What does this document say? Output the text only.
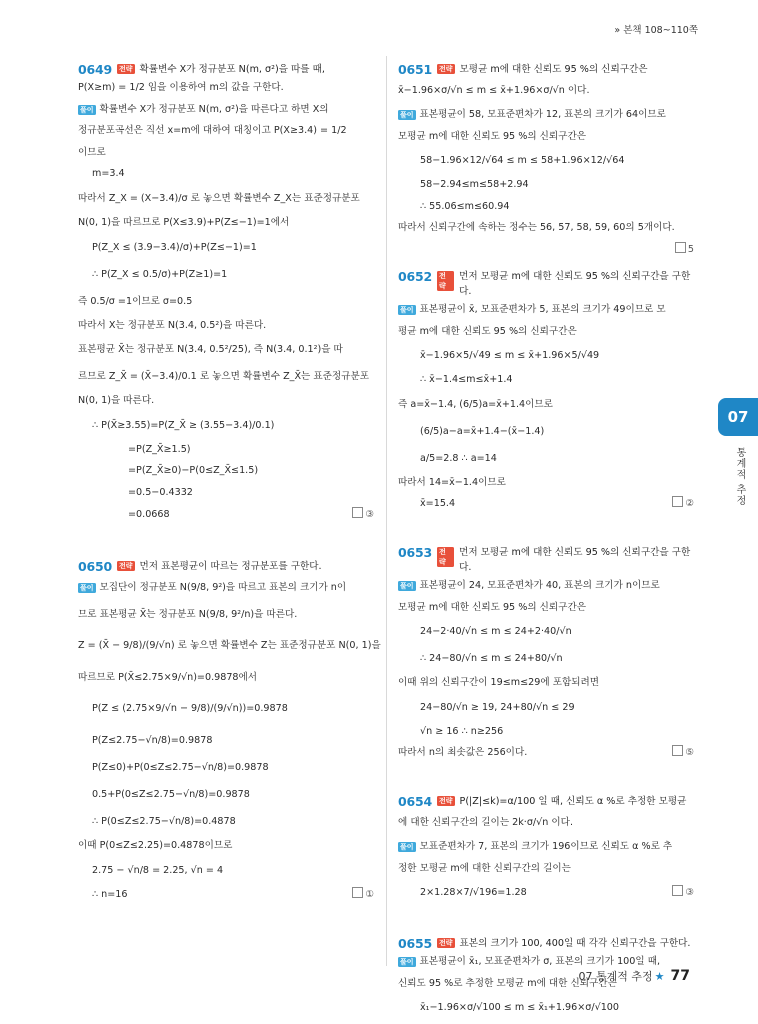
» 본책 108~110쪽
0649 전략 확률변수 X가 정규분포 N(m, σ²)을 따를 때,
P(X≥m) = 1/2 임을 이용하여 m의 값을 구한다.
풀이 확률변수 X가 정규분포 N(m, σ²)을 따른다고 하면 X의
정규분포곡선은 직선 x=m에 대하여 대칭이고 P(X≥3.4) = 1/2
이므로
m=3.4
따라서 Z_X = (X−3.4)/σ 로 놓으면 확률변수 Z_X는 표준정규분포
N(0, 1)을 따르므로 P(X≤3.9)+P(Z≤−1)=1에서
P(Z_X ≤ (3.9−3.4)/σ)+P(Z≤−1)=1
∴ P(Z_X ≤ 0.5/σ)+P(Z≥1)=1
즉 0.5/σ =1이므로 σ=0.5
따라서 X는 정규분포 N(3.4, 0.5²)을 따른다.
표본평균 X̄는 정규분포 N(3.4, 0.5²/25), 즉 N(3.4, 0.1²)을 따
르므로 Z_X̄ = (X̄−3.4)/0.1 로 놓으면 확률변수 Z_X̄는 표준정규분포
N(0, 1)을 따른다.
∴ P(X̄≥3.55)=P(Z_X̄ ≥ (3.55−3.4)/0.1)
=P(Z_X̄≥1.5)
=P(Z_X̄≥0)−P(0≤Z_X̄≤1.5)
=0.5−0.4332
=0.0668	③
0650 전략 먼저 표본평균이 따르는 정규분포를 구한다.
풀이 모집단이 정규분포 N(9/8, 9²)을 따르고 표본의 크기가 n이
므로 표본평균 X̄는 정규분포 N(9/8, 9²/n)을 따른다.
Z = (X̄ − 9/8)/(9/√n) 로 놓으면 확률변수 Z는 표준정규분포 N(0, 1)을
따르므로 P(X̄≤2.75×9/√n)=0.9878에서
P(Z ≤ (2.75×9/√n − 9/8)/(9/√n))=0.9878
P(Z≤2.75−√n/8)=0.9878
P(Z≤0)+P(0≤Z≤2.75−√n/8)=0.9878
0.5+P(0≤Z≤2.75−√n/8)=0.9878
∴ P(0≤Z≤2.75−√n/8)=0.4878
이때 P(0≤Z≤2.25)=0.4878이므로
2.75 − √n/8 = 2.25, √n = 4
∴ n=16	①
0651 전략 모평균 m에 대한 신뢰도 95 %의 신뢰구간은
x̄−1.96×σ/√n ≤ m ≤ x̄+1.96×σ/√n 이다.
풀이 표본평균이 58, 모표준편차가 12, 표본의 크기가 64이므로
모평균 m에 대한 신뢰도 95 %의 신뢰구간은
58−1.96×12/√64 ≤ m ≤ 58+1.96×12/√64
58−2.94≤m≤58+2.94
∴ 55.06≤m≤60.94
따라서 신뢰구간에 속하는 정수는 56, 57, 58, 59, 60의 5개이다.
5
0652 전략
먼저 모평균 m에 대한 신뢰도 95 %의 신뢰구간을 구한다.
풀이 표본평균이 x̄, 모표준편차가 5, 표본의 크기가 49이므로 모
평균 m에 대한 신뢰도 95 %의 신뢰구간은
x̄−1.96×5/√49 ≤ m ≤ x̄+1.96×5/√49
∴ x̄−1.4≤m≤x̄+1.4
즉 a=x̄−1.4, (6/5)a=x̄+1.4이므로
(6/5)a−a=x̄+1.4−(x̄−1.4)
a/5=2.8 ∴ a=14
따라서 14=x̄−1.4이므로
x̄=15.4	②
0653 전략
먼저 모평균 m에 대한 신뢰도 95 %의 신뢰구간을 구한다.
풀이 표본평균이 24, 모표준편차가 40, 표본의 크기가 n이므로
모평균 m에 대한 신뢰도 95 %의 신뢰구간은
24−2·40/√n ≤ m ≤ 24+2·40/√n
∴ 24−80/√n ≤ m ≤ 24+80/√n
이때 위의 신뢰구간이 19≤m≤29에 포함되려면
24−80/√n ≥ 19, 24+80/√n ≤ 29
√n ≥ 16 ∴ n≥256
따라서 n의 최솟값은 256이다.	⑤
0654 전략 P(|Z|≤k)=α/100 일 때, 신뢰도 α %로 추정한 모평균
에 대한 신뢰구간의 길이는 2k·σ/√n 이다.
풀이 모표준편차가 7, 표본의 크기가 196이므로 신뢰도 α %로 추
정한 모평균 m에 대한 신뢰구간의 길이는
2×1.28×7/√196=1.28	③
0655 전략 표본의 크기가 100, 400일 때 각각 신뢰구간을 구한다.
풀이 표본평균이 x̄₁, 모표준편차가 σ, 표본의 크기가 100일 때,
신뢰도 95 %로 추정한 모평균 m에 대한 신뢰구간은
x̄₁−1.96×σ/√100 ≤ m ≤ x̄₁+1.96×σ/√100
07
통계적 추정
07 통계적 추정 ★ 77
